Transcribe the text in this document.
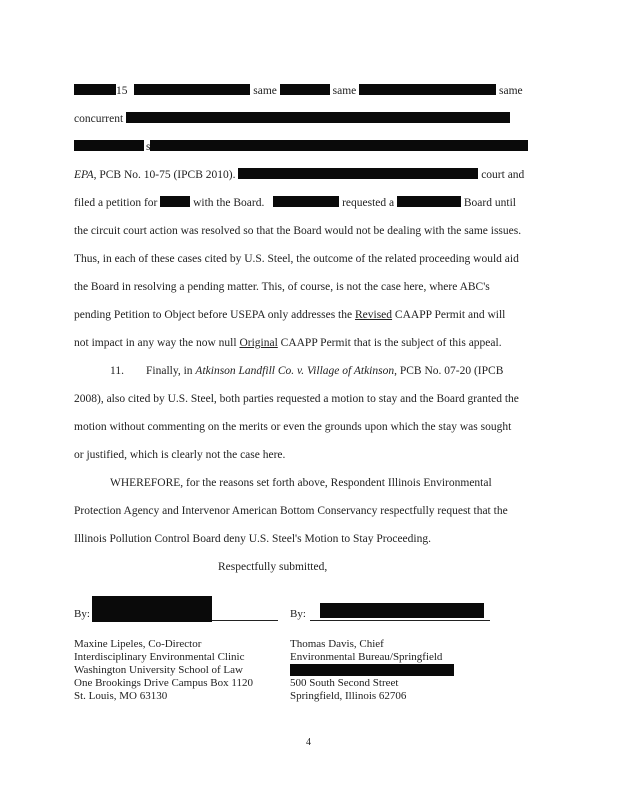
15	same	same	same
concurrent
s
EPA, PCB No. 10-75 (IPCB 2010).	court and
filed a petition for	with the Board.	requested a	Board until
the circuit court action was resolved so that the Board would not be dealing with the same issues.
Thus, in each of these cases cited by U.S. Steel, the outcome of the related proceeding would aid
the Board in resolving a pending matter. This, of course, is not the case here, where ABC's
pending Petition to Object before USEPA only addresses the Revised CAAPP Permit and will
not impact in any way the now null Original CAAPP Permit that is the subject of this appeal.
11. Finally, in Atkinson Landfill Co. v. Village of Atkinson, PCB No. 07-20 (IPCB
2008), also cited by U.S. Steel, both parties requested a motion to stay and the Board granted the
motion without commenting on the merits or even the grounds upon which the stay was sought
or justified, which is clearly not the case here.
WHEREFORE, for the reasons set forth above, Respondent Illinois Environmental
Protection Agency and Intervenor American Bottom Conservancy respectfully request that the
Illinois Pollution Control Board deny U.S. Steel's Motion to Stay Proceeding.
Respectfully submitted,
By:
Maxine Lipeles, Co-Director
Interdisciplinary Environmental Clinic
Washington University School of Law
One Brookings Drive Campus Box 1120
St. Louis, MO 63130
By:
Thomas Davis, Chief
Environmental Bureau/Springfield
500 South Second Street
Springfield, Illinois 62706
4
